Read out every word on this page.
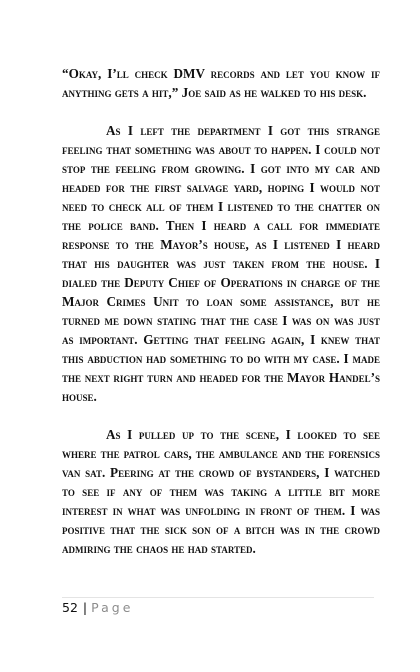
“Okay, I’ll check DMV records and let you know if anything gets a hit,” Joe said as he walked to his desk.

As I left the department I got this strange feeling that something was about to happen. I could not stop the feeling from growing. I got into my car and headed for the first salvage yard, hoping I would not need to check all of them I listened to the chatter on the police band. Then I heard a call for immediate response to the Mayor’s house, as I listened I heard that his daughter was just taken from the house. I dialed the Deputy Chief of Operations in charge of the Major Crimes Unit to loan some assistance, but he turned me down stating that the case I was on was just as important. Getting that feeling again, I knew that this abduction had something to do with my case. I made the next right turn and headed for the Mayor Handel’s house.

As I pulled up to the scene, I looked to see where the patrol cars, the ambulance and the forensics van sat. Peering at the crowd of bystanders, I watched to see if any of them was taking a little bit more interest in what was unfolding in front of them. I was positive that the sick son of a bitch was in the crowd admiring the chaos he had started.

52 | Page
